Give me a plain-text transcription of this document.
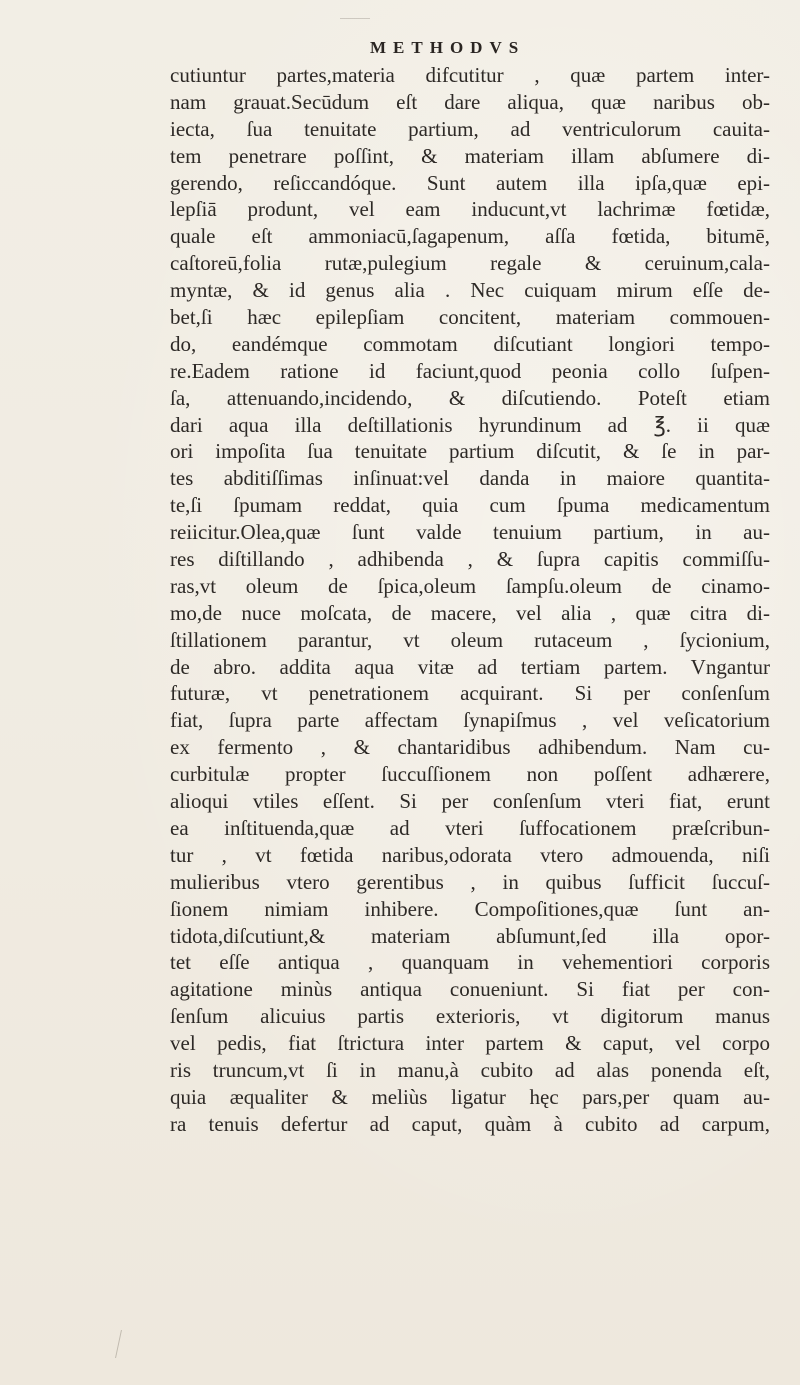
METHODVS
cutiuntur partes,materia difcutitur , quæ partem inter-
nam grauat.Secūdum eſt dare aliqua, quæ naribus ob-
iecta, ſua tenuitate partium, ad ventriculorum cauita-
tem penetrare poſſint, & materiam illam abſumere di-
gerendo, reſiccandóque. Sunt autem illa ipſa,quæ epi-
lepſiā produnt, vel eam inducunt,vt lachrimæ fœtidæ,
quale eſt ammoniacū,ſagapenum, aſſa fœtida, bitumē,
caſtoreū,folia rutæ,pulegium regale & ceruinum,cala-
myntæ, & id genus alia . Nec cuiquam mirum eſſe de-
bet,ſi hæc epilepſiam concitent, materiam commouen-
do, eandémque commotam diſcutiant longiori tempo-
re.Eadem ratione id faciunt,quod peonia collo ſuſpen-
ſa, attenuando,incidendo, & diſcutiendo. Poteſt etiam
dari aqua illa deſtillationis hyrundinum ad ℥. ii quæ
ori impoſita ſua tenuitate partium diſcutit, & ſe in par-
tes abditiſſimas inſinuat:vel danda in maiore quantita-
te,ſi ſpumam reddat, quia cum ſpuma medicamentum
reiicitur.Olea,quæ ſunt valde tenuium partium, in au-
res diſtillando , adhibenda , & ſupra capitis commiſſu-
ras,vt oleum de ſpica,oleum ſampſu.oleum de cinamo-
mo,de nuce moſcata, de macere, vel alia , quæ citra di-
ſtillationem parantur, vt oleum rutaceum , ſycionium,
de abro. addita aqua vitæ ad tertiam partem. Vngantur
futuræ, vt penetrationem acquirant. Si per conſenſum
fiat, ſupra parte affectam ſynapiſmus , vel veſicatorium
ex fermento , & chantaridibus adhibendum. Nam cu-
curbitulæ propter ſuccuſſionem non poſſent adhærere,
alioqui vtiles eſſent. Si per conſenſum vteri fiat, erunt
ea inſtituenda,quæ ad vteri ſuffocationem præſcribun-
tur , vt fœtida naribus,odorata vtero admouenda, niſi
mulieribus vtero gerentibus , in quibus ſufficit ſuccuſ-
ſionem nimiam inhibere. Compoſitiones,quæ ſunt an-
tidota,diſcutiunt,& materiam abſumunt,ſed illa opor-
tet eſſe antiqua , quanquam in vehementiori corporis
agitatione minùs antiqua conueniunt. Si fiat per con-
ſenſum alicuius partis exterioris, vt digitorum manus
vel pedis, fiat ſtrictura inter partem & caput, vel corpo
ris truncum,vt ſi in manu,à cubito ad alas ponenda eſt,
quia æqualiter & meliùs ligatur hęc pars,per quam au-
ra tenuis defertur ad caput, quàm à cubito ad carpum,
